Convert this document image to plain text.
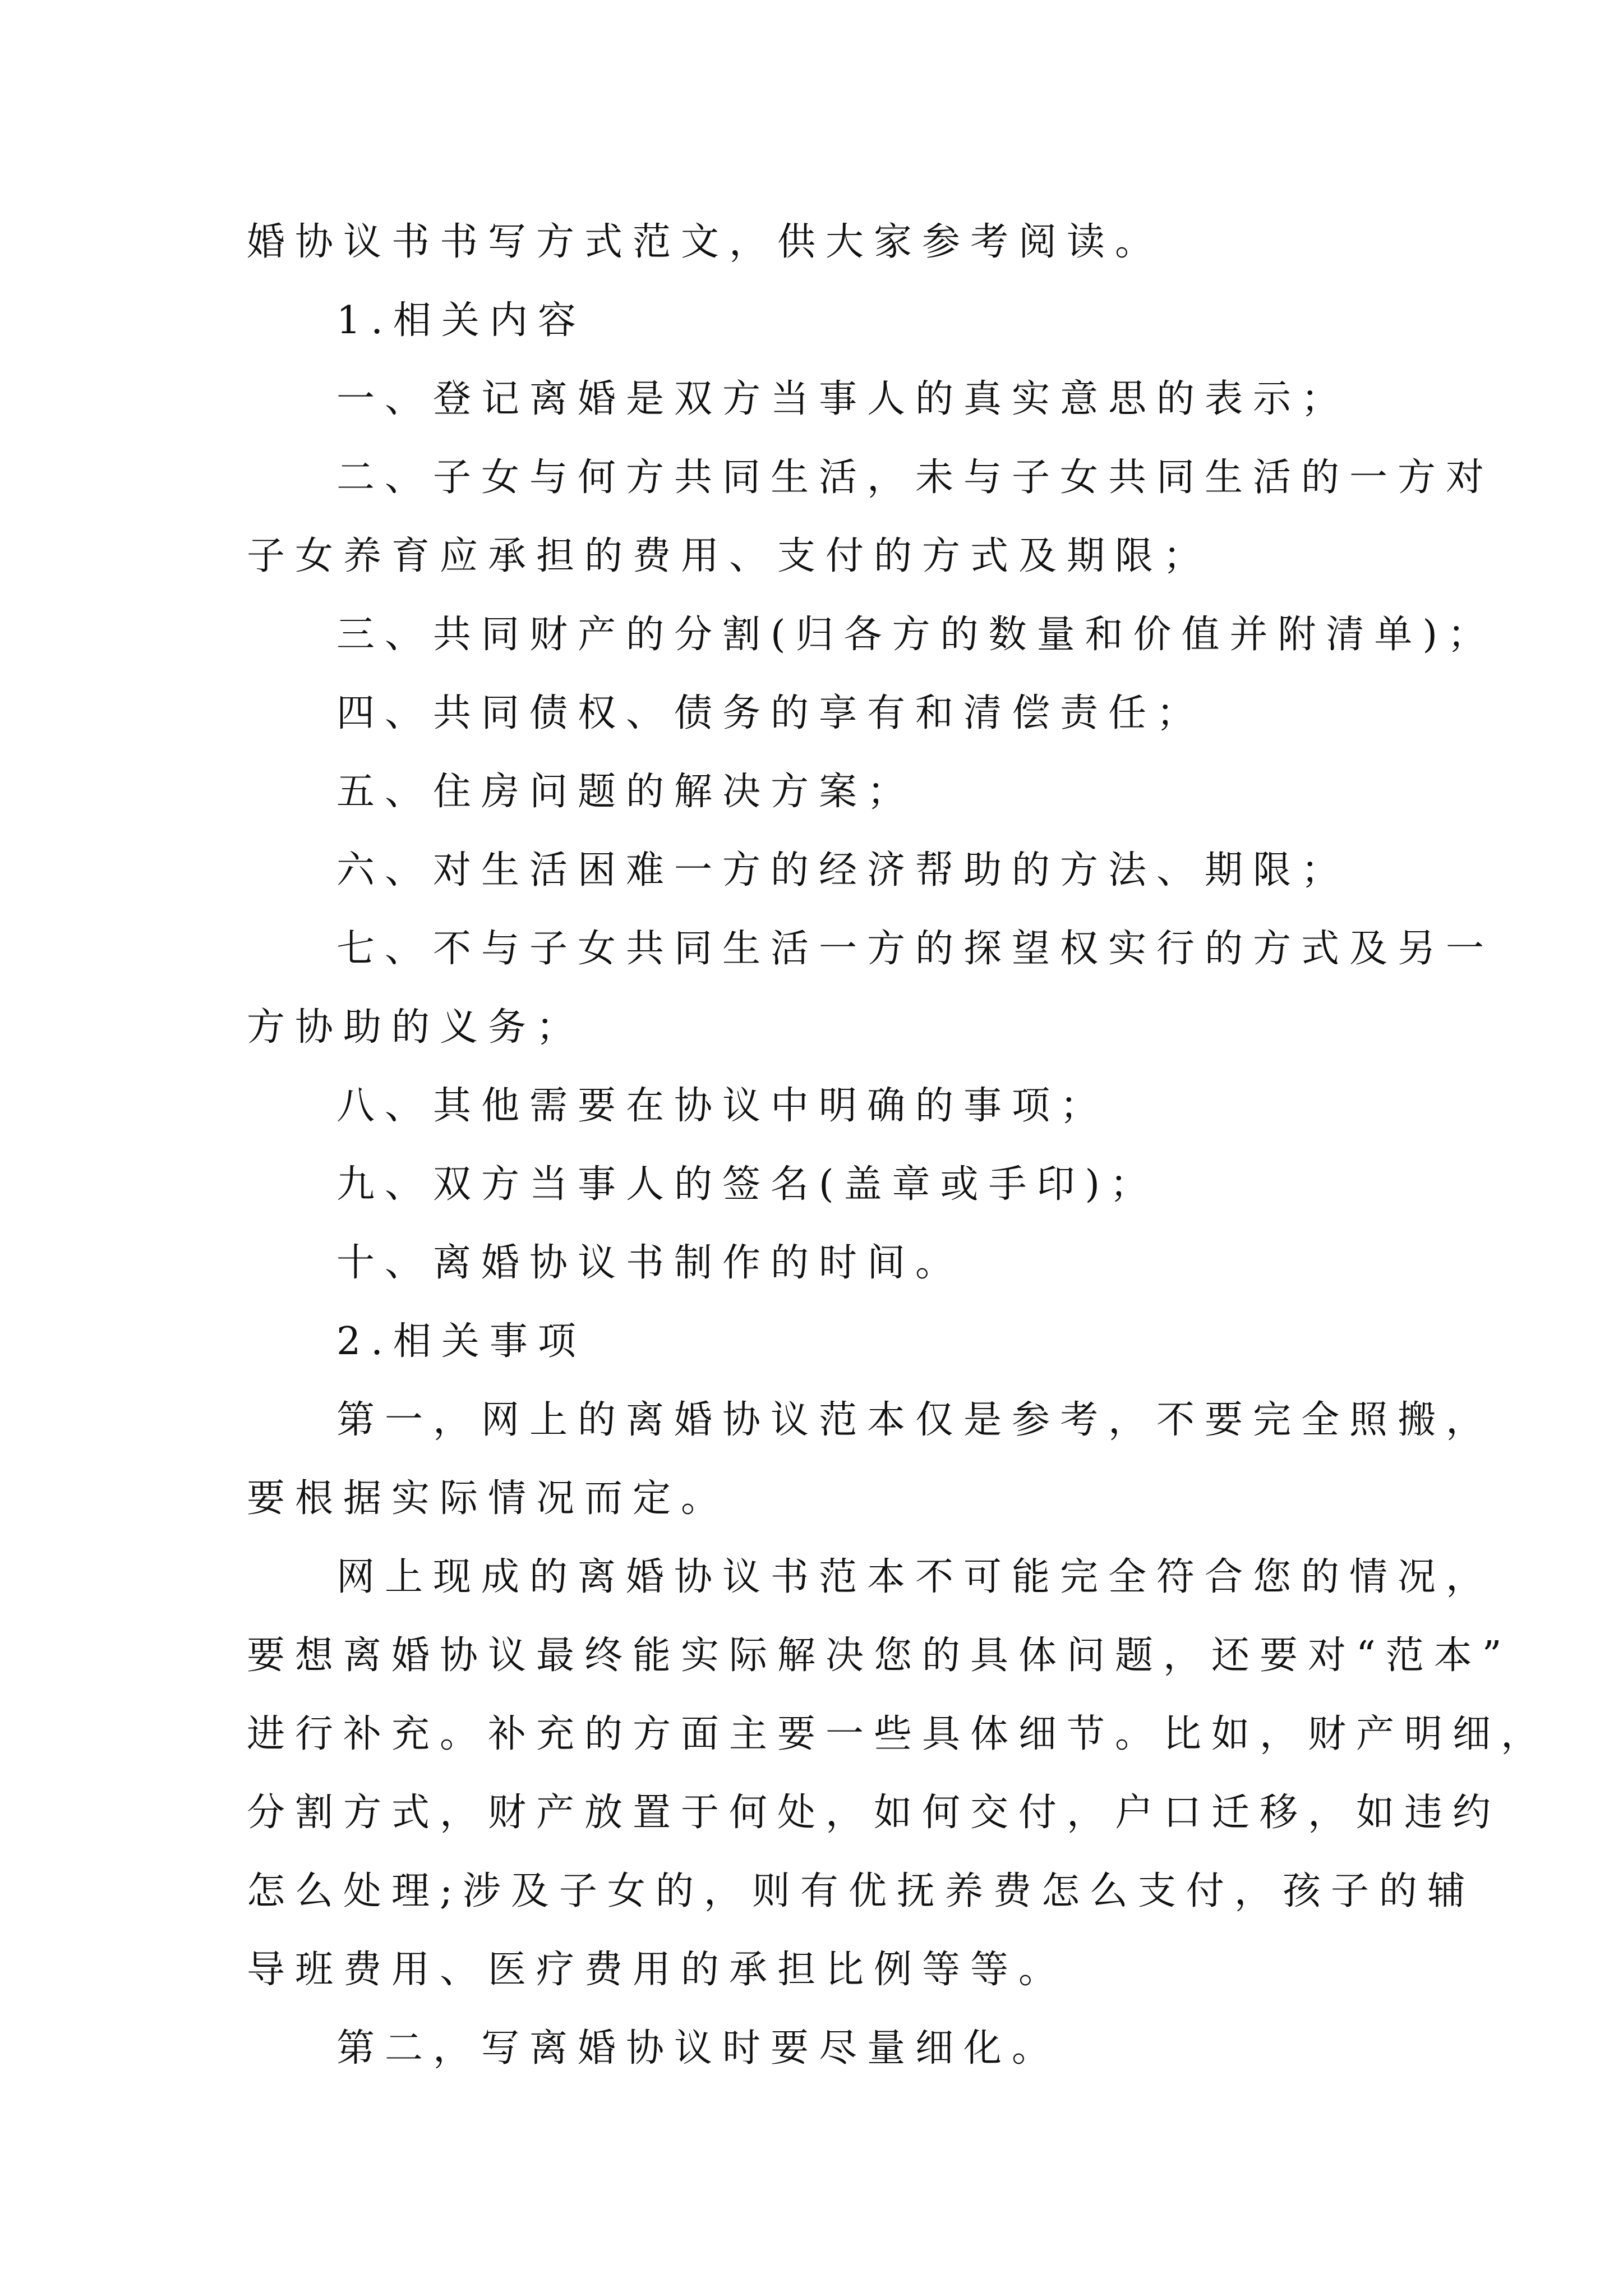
婚协议书书写方式范文，供大家参考阅读。
1.相关内容
一、登记离婚是双方当事人的真实意思的表示；
二、子女与何方共同生活，未与子女共同生活的一方对
子女养育应承担的费用、支付的方式及期限；
三、共同财产的分割(归各方的数量和价值并附清单)；
四、共同债权、债务的享有和清偿责任；
五、住房问题的解决方案；
六、对生活困难一方的经济帮助的方法、期限；
七、不与子女共同生活一方的探望权实行的方式及另一
方协助的义务；
八、其他需要在协议中明确的事项；
九、双方当事人的签名(盖章或手印)；
十、离婚协议书制作的时间。
2.相关事项
第一，网上的离婚协议范本仅是参考，不要完全照搬，
要根据实际情况而定。
网上现成的离婚协议书范本不可能完全符合您的情况，
要想离婚协议最终能实际解决您的具体问题，还要对“范本”
进行补充。补充的方面主要一些具体细节。比如，财产明细，
分割方式，财产放置于何处，如何交付，户口迁移，如违约
怎么处理;涉及子女的，则有优抚养费怎么支付，孩子的辅
导班费用、医疗费用的承担比例等等。
第二，写离婚协议时要尽量细化。
